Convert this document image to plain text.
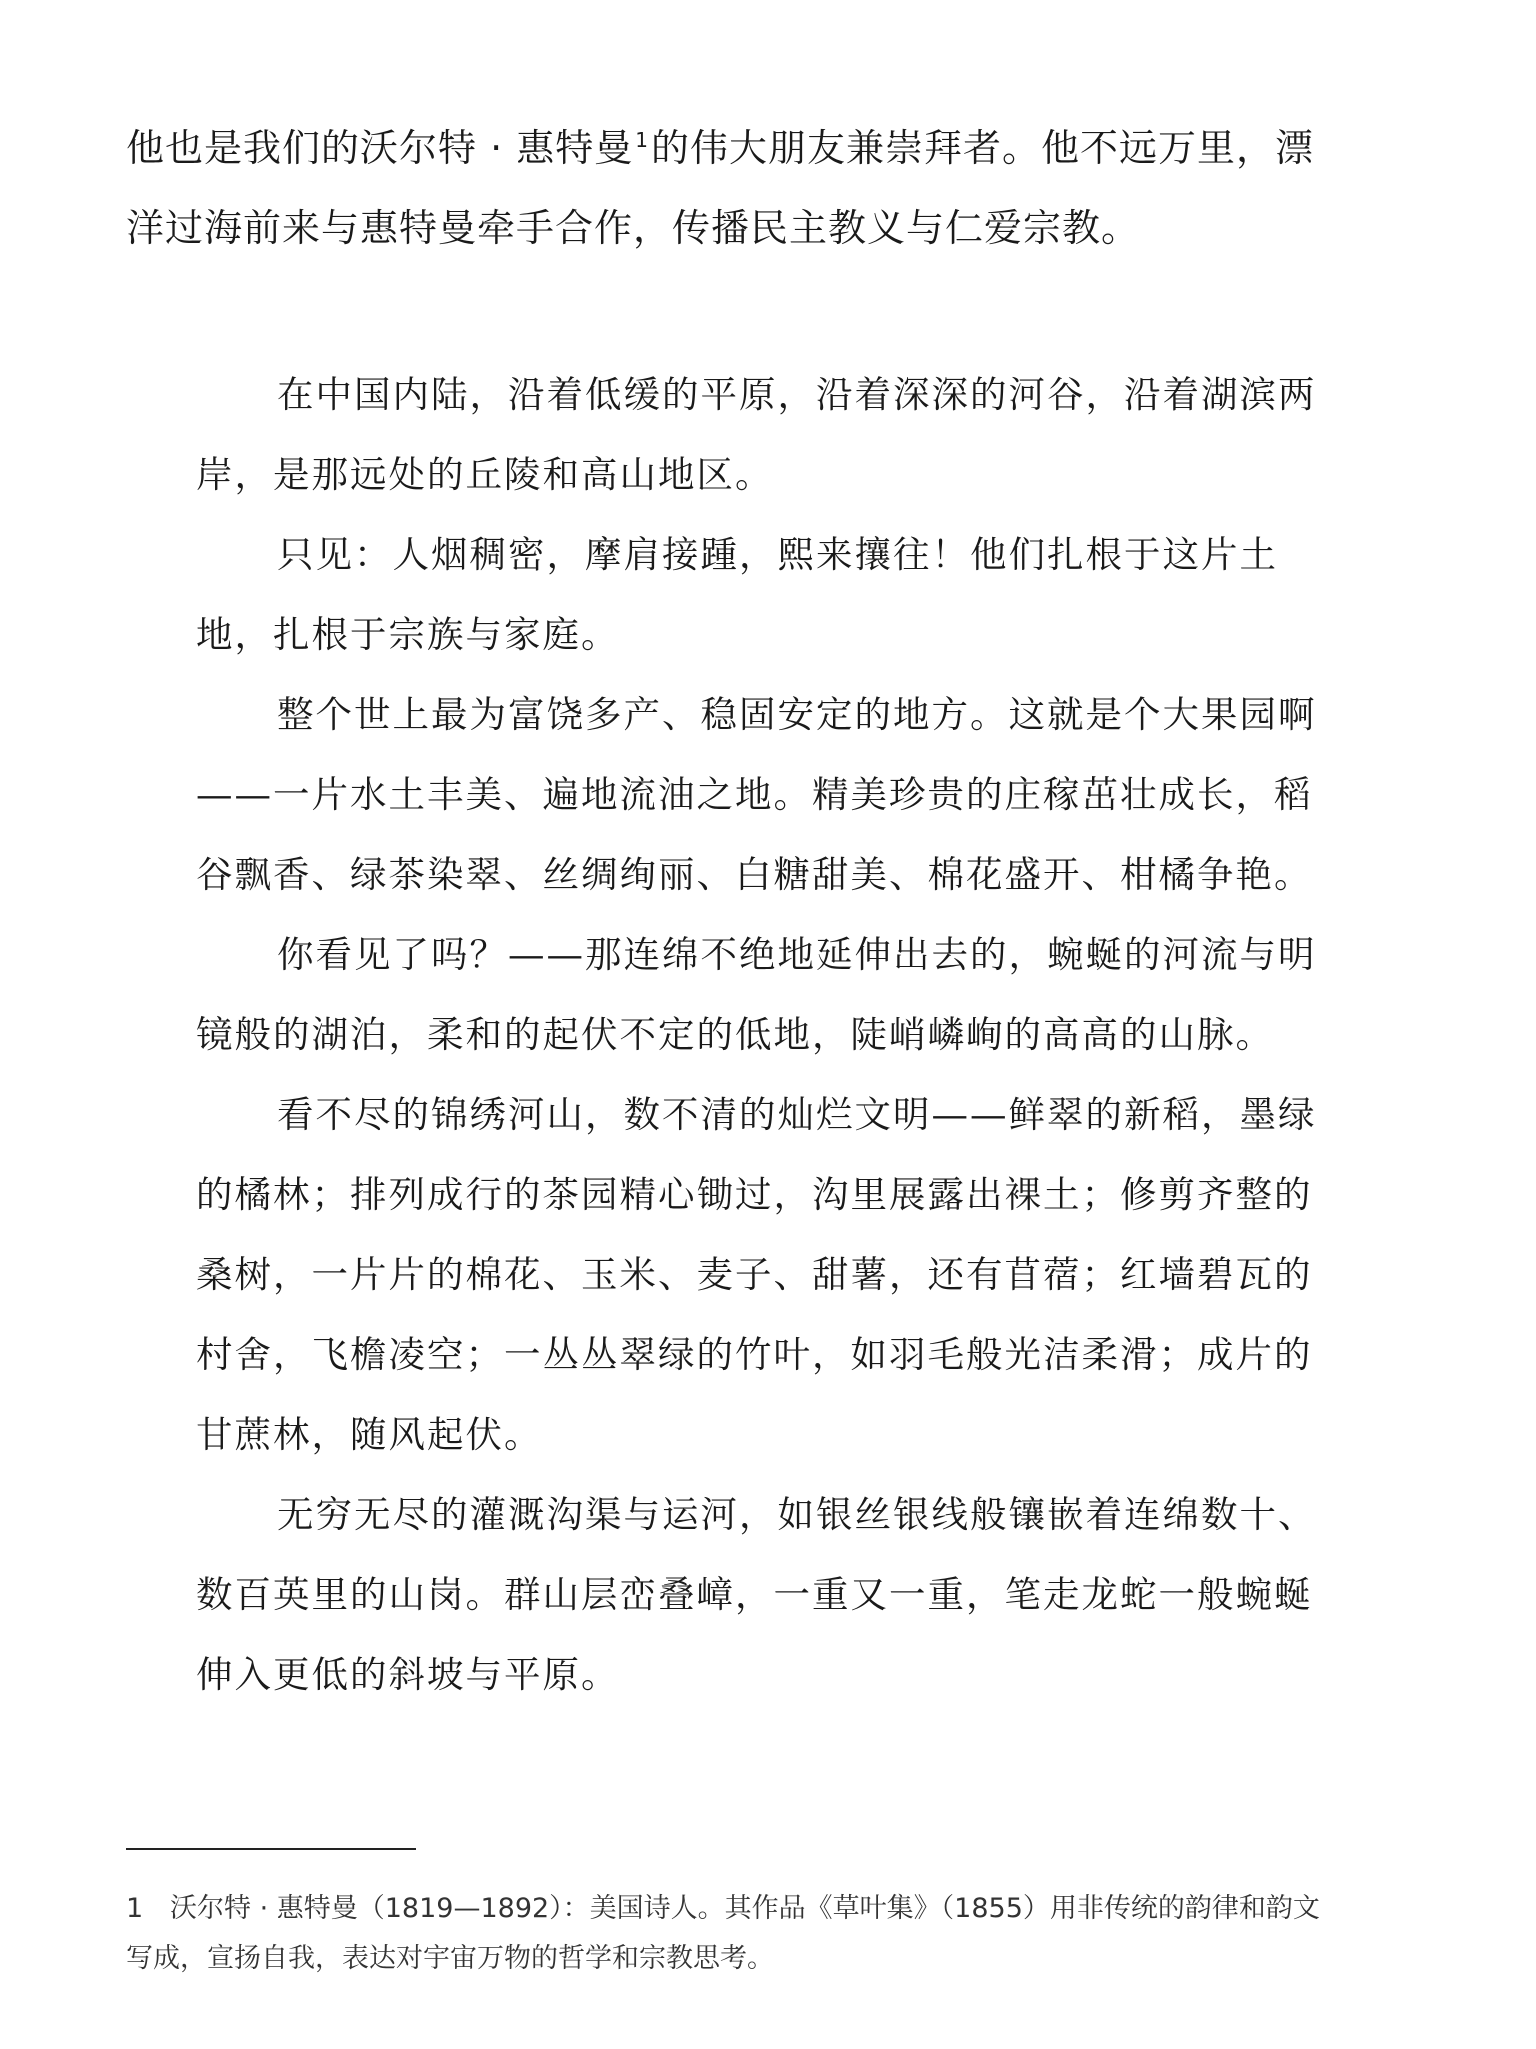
他也是我们的沃尔特 · 惠特曼 $^1$的伟大朋友兼崇拜者。他不远万里，漂洋过海前来与惠特曼牵手合作，传播民主教义与仁爱宗教。

在中国内陆，沿着低缓的平原，沿着深深的河谷，沿着湖滨两岸，是那远处的丘陵和高山地区。

只见：人烟稠密，摩肩接踵，熙来攘往！他们扎根于这片土地，扎根于宗族与家庭。

整个世上最为富饶多产、稳固安定的地方。这就是个大果园啊——一片水土丰美、遍地流油之地。精美珍贵的庄稼茁壮成长，稻谷飘香、绿茶染翠、丝绸绚丽、白糖甜美、棉花盛开、柑橘争艳。

你看见了吗？——那连绵不绝地延伸出去的，蜿蜒的河流与明镜般的湖泊，柔和的起伏不定的低地，陡峭嶙峋的高高的山脉。

看不尽的锦绣河山，数不清的灿烂文明——鲜翠的新稻，墨绿的橘林；排列成行的茶园精心锄过，沟里展露出裸土；修剪齐整的桑树，一片片的棉花、玉米、麦子、甜薯，还有苜蓿；红墙碧瓦的村舍，飞檐凌空；一丛丛翠绿的竹叶，如羽毛般光洁柔滑；成片的甘蔗林，随风起伏。

无穷无尽的灌溉沟渠与运河，如银丝银线般镶嵌着连绵数十、数百英里的山岗。群山层峦叠嶂，一重又一重，笔走龙蛇一般蜿蜒伸入更低的斜坡与平原。

1 沃尔特 · 惠特曼（1819—1892）：美国诗人。其作品《草叶集》（1855）用非传统的韵律和韵文写成，宣扬自我，表达对宇宙万物的哲学和宗教思考。
